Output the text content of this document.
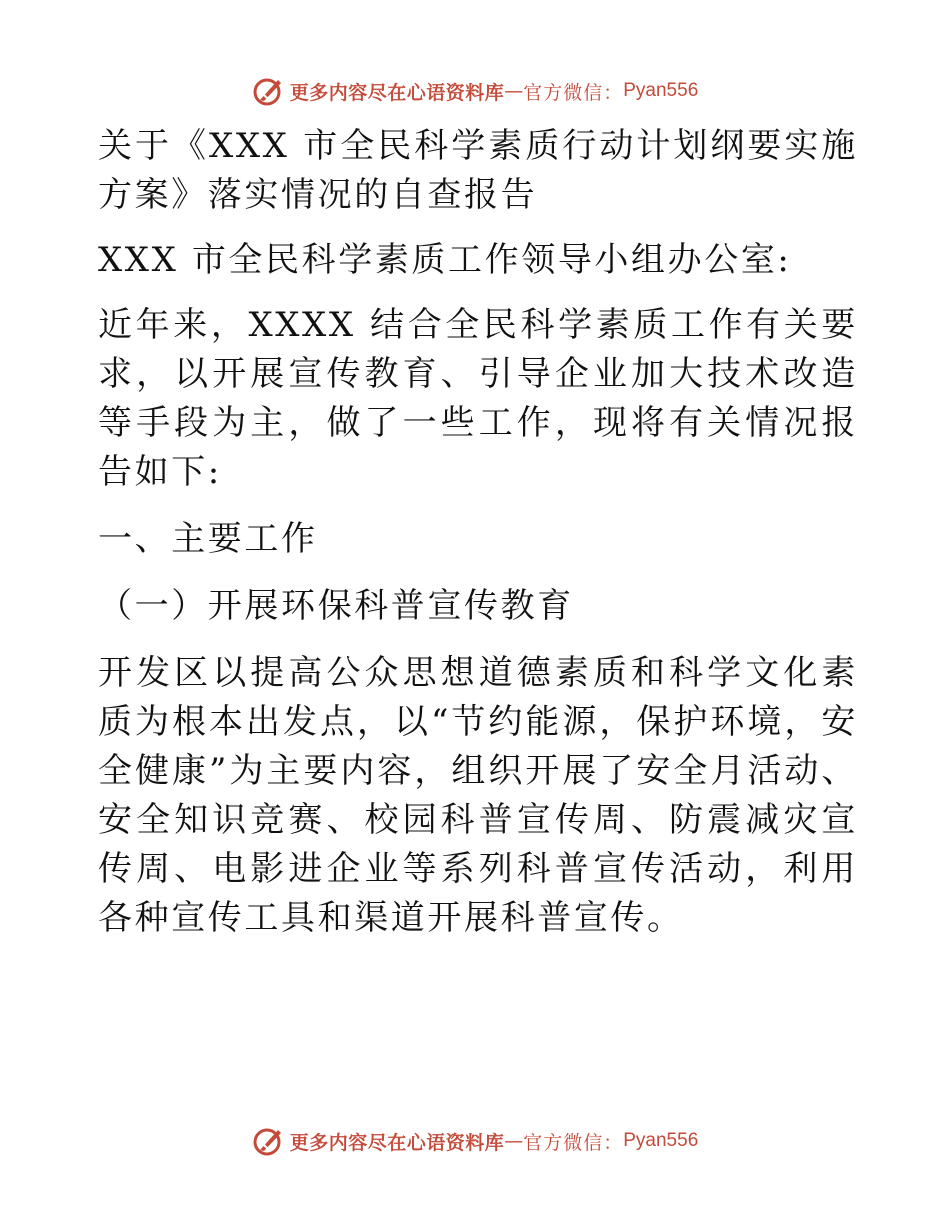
更多内容尽在心语资料库 — 官方微信： Pyan556

关于《XXX 市全民科学素质行动计划纲要实施方案》落实情况的自查报告

XXX 市全民科学素质工作领导小组办公室:

近年来，XXXX 结合全民科学素质工作有关要求，以开展宣传教育、引导企业加大技术改造等手段为主，做了一些工作，现将有关情况报告如下:

一、主要工作

（一）开展环保科普宣传教育

开发区以提高公众思想道德素质和科学文化素质为根本出发点，以“节约能源，保护环境，安全健康”为主要内容，组织开展了安全月活动、安全知识竞赛、校园科普宣传周、防震减灾宣传周、电影进企业等系列科普宣传活动，利用各种宣传工具和渠道开展科普宣传。

更多内容尽在心语资料库 — 官方微信： Pyan556
